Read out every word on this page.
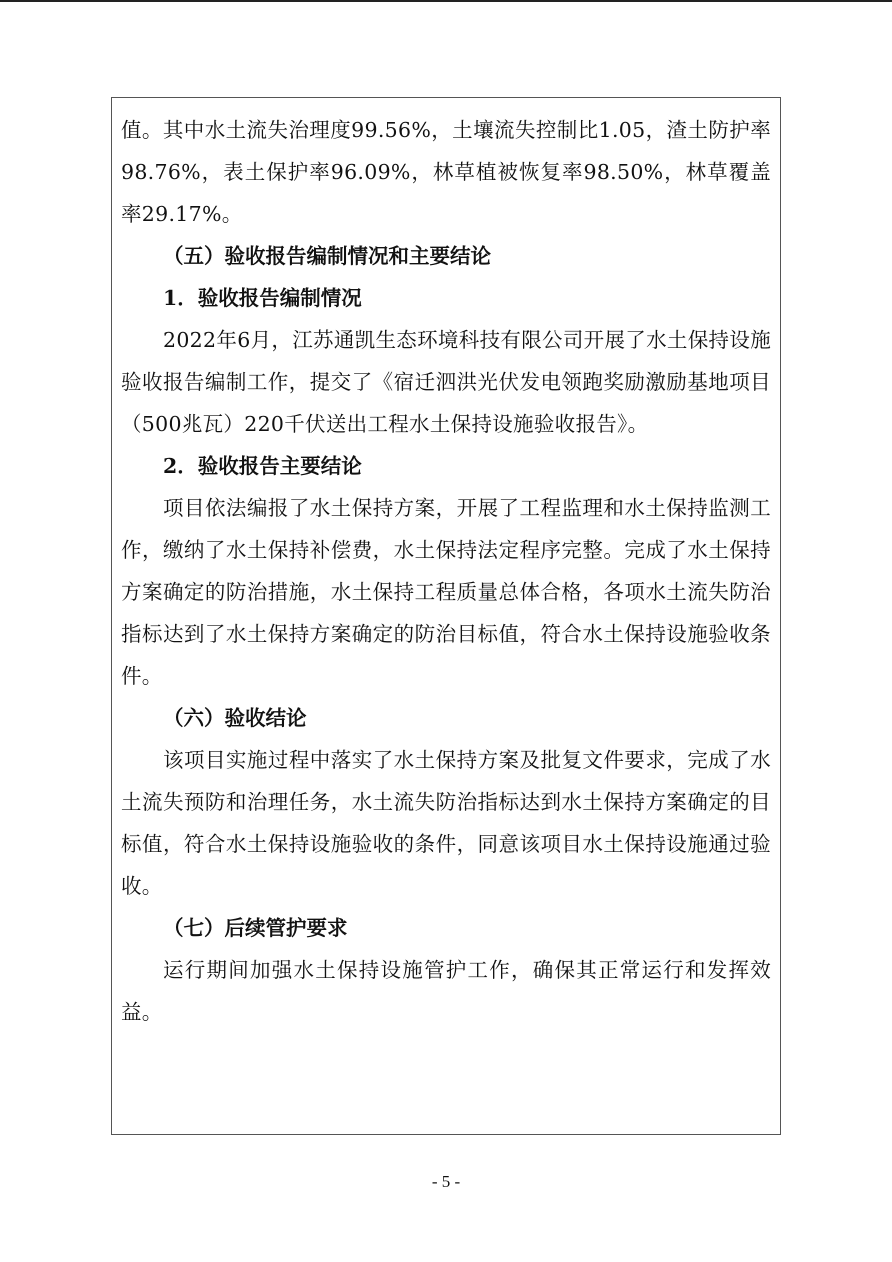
值。其中水土流失治理度99.56%，土壤流失控制比1.05，渣土防护率98.76%，表土保护率96.09%，林草植被恢复率98.50%，林草覆盖率29.17%。

（五）验收报告编制情况和主要结论

1．验收报告编制情况

2022年6月，江苏通凯生态环境科技有限公司开展了水土保持设施验收报告编制工作，提交了《宿迁泗洪光伏发电领跑奖励激励基地项目（500兆瓦）220千伏送出工程水土保持设施验收报告》。

2．验收报告主要结论

项目依法编报了水土保持方案，开展了工程监理和水土保持监测工作，缴纳了水土保持补偿费，水土保持法定程序完整。完成了水土保持方案确定的防治措施，水土保持工程质量总体合格，各项水土流失防治指标达到了水土保持方案确定的防治目标值，符合水土保持设施验收条件。

（六）验收结论

该项目实施过程中落实了水土保持方案及批复文件要求，完成了水土流失预防和治理任务，水土流失防治指标达到水土保持方案确定的目标值，符合水土保持设施验收的条件，同意该项目水土保持设施通过验收。

（七）后续管护要求

运行期间加强水土保持设施管护工作，确保其正常运行和发挥效益。

- 5 -
